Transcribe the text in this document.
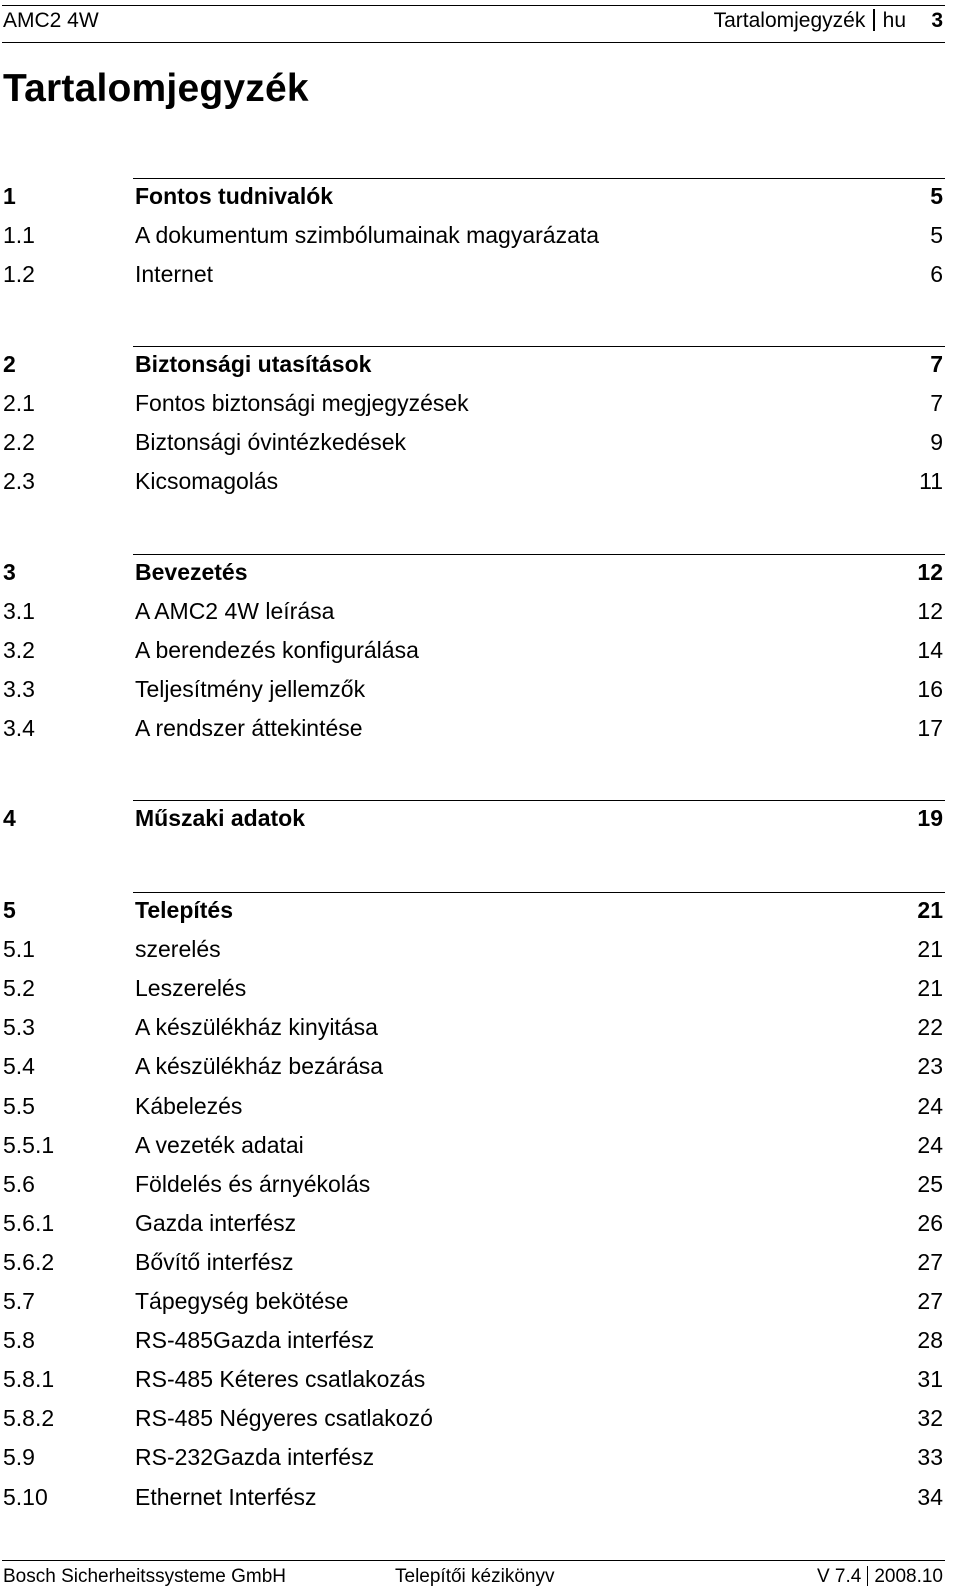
AMC2 4W	Tartalomjegyzék hu 3
Tartalomjegyzék
1	Fontos tudnivalók	5
1.1	A dokumentum szimbólumainak magyarázata	5
1.2	Internet	6
2	Biztonsági utasítások	7
2.1	Fontos biztonsági megjegyzések	7
2.2	Biztonsági óvintézkedések	9
2.3	Kicsomagolás	11
3	Bevezetés	12
3.1	A AMC2 4W leírása	12
3.2	A berendezés konfigurálása	14
3.3	Teljesítmény jellemzők	16
3.4	A rendszer áttekintése	17
4	Műszaki adatok	19
5	Telepítés	21
5.1	szerelés	21
5.2	Leszerelés	21
5.3	A készülékház kinyitása	22
5.4	A készülékház bezárása	23
5.5	Kábelezés	24
5.5.1	A vezeték adatai	24
5.6	Földelés és árnyékolás	25
5.6.1	Gazda interfész	26
5.6.2	Bővítő interfész	27
5.7	Tápegység bekötése	27
5.8	RS-485Gazda interfész	28
5.8.1	RS-485 Kéteres csatlakozás	31
5.8.2	RS-485 Négyeres csatlakozó	32
5.9	RS-232Gazda interfész	33
5.10	Ethernet Interfész	34
Bosch Sicherheitssysteme GmbH	Telepítői kézikönyv	V 7.4 2008.10
